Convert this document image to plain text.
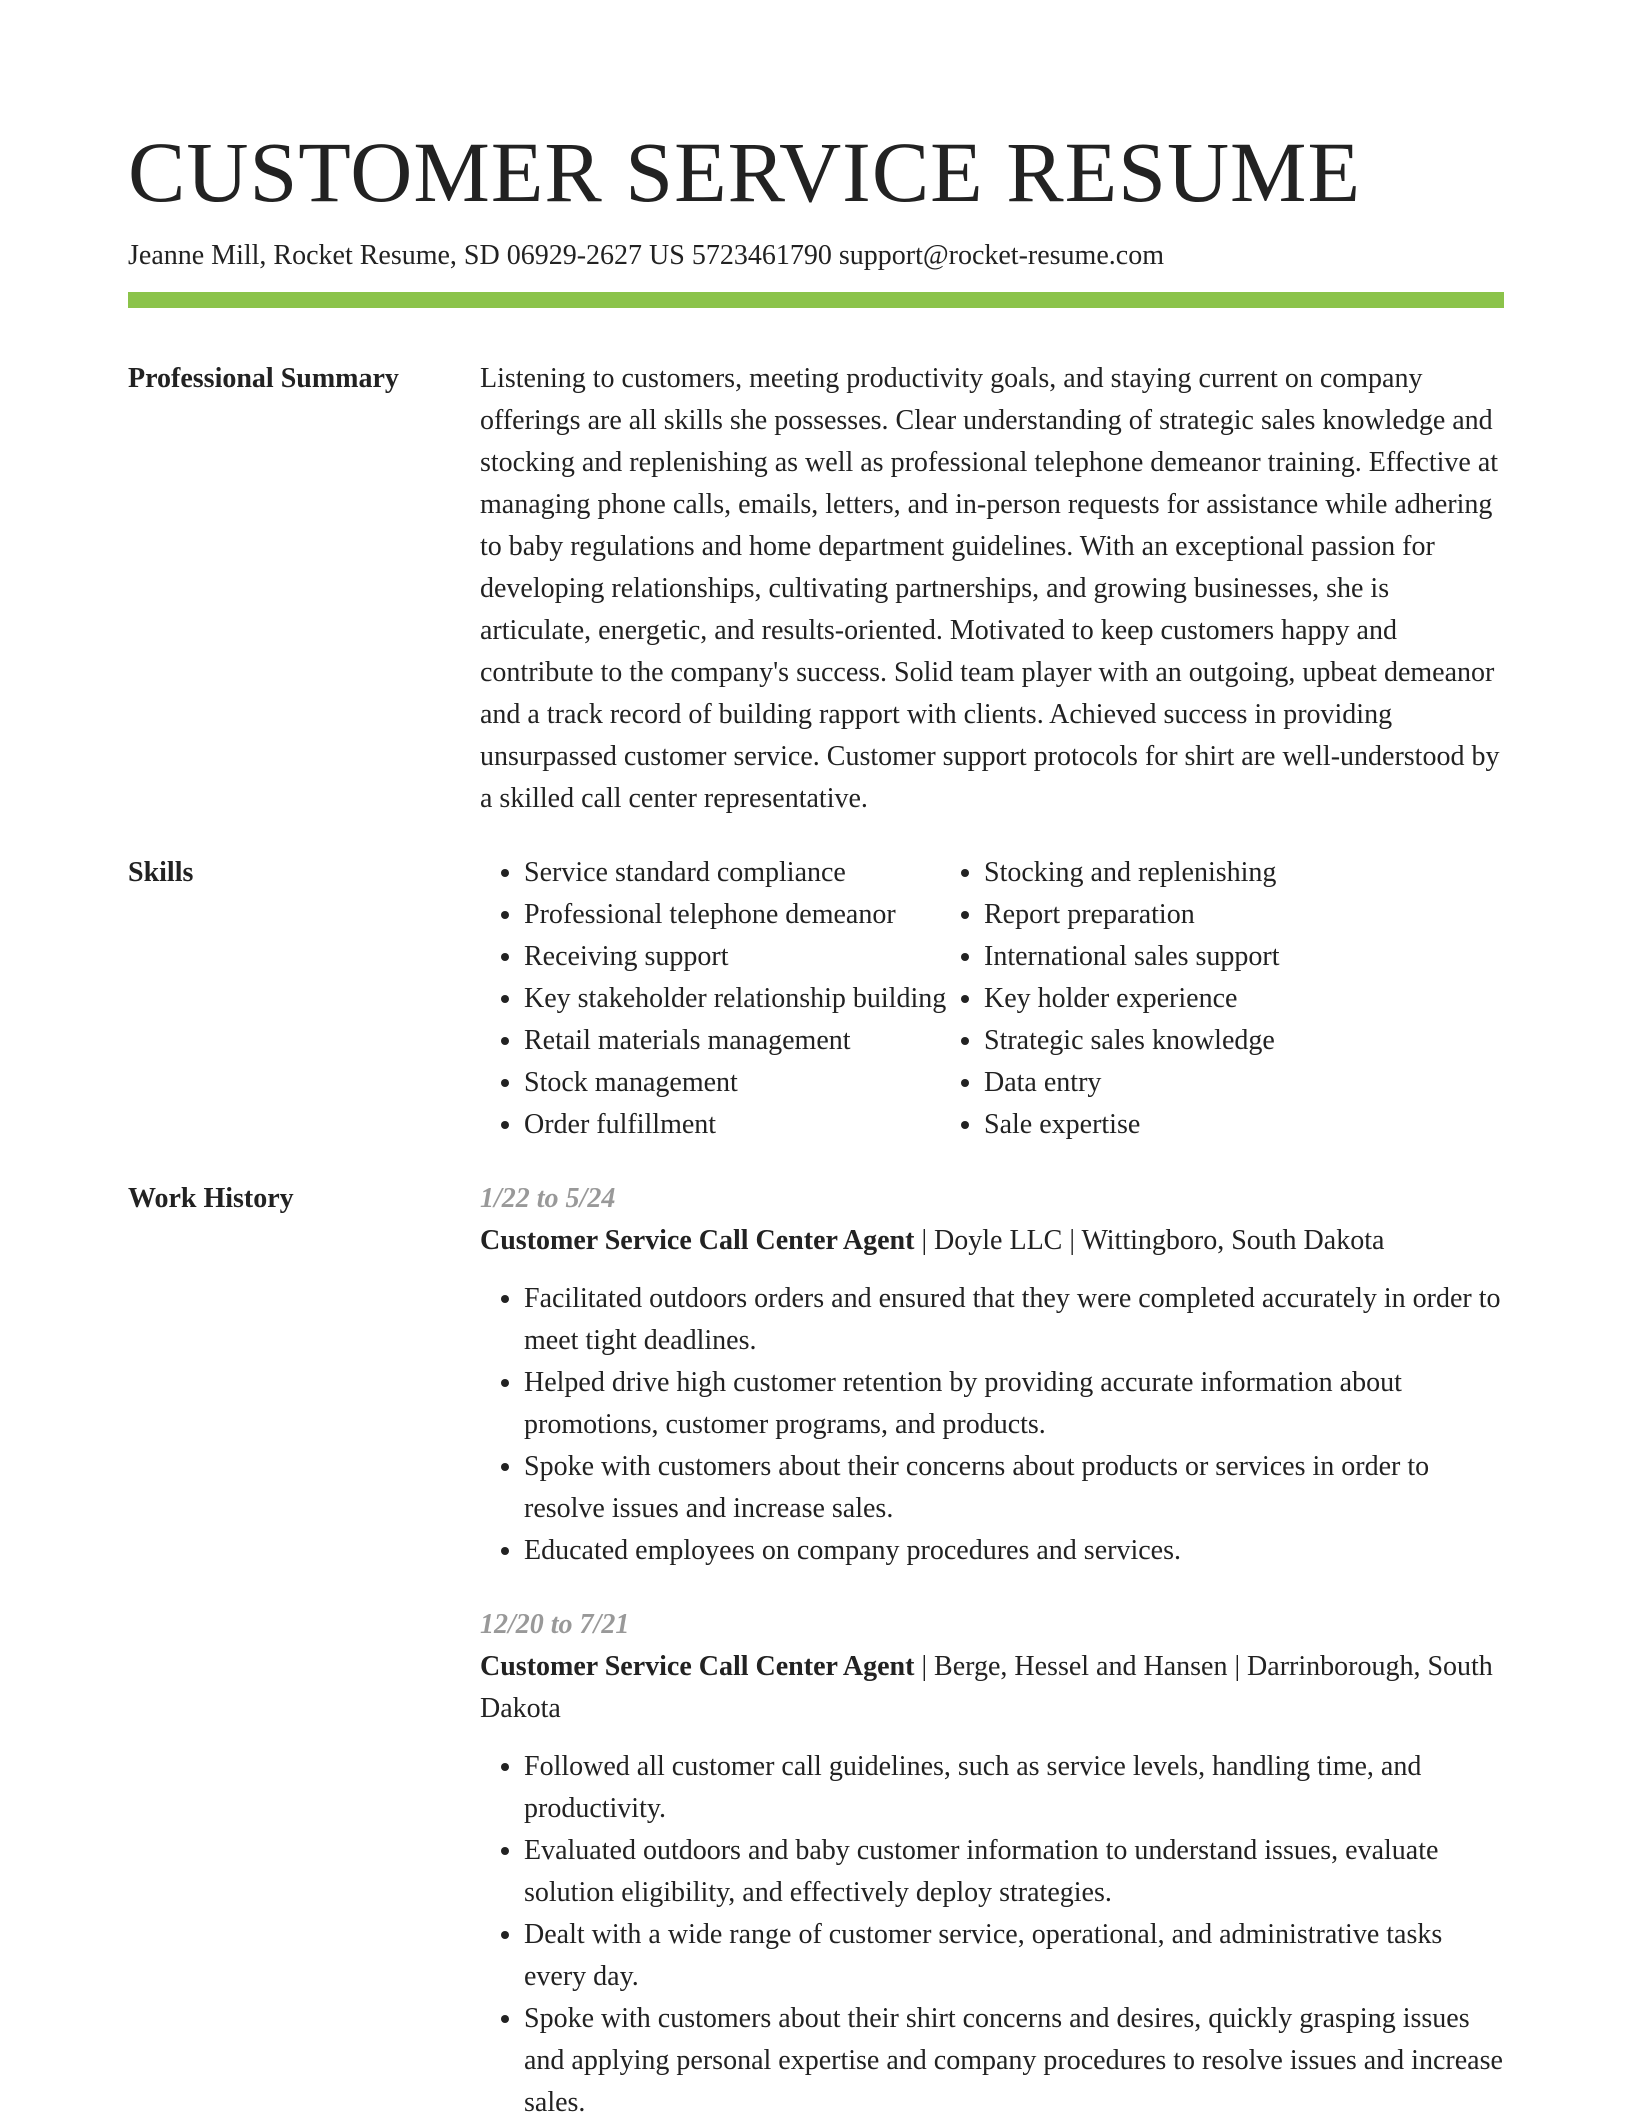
CUSTOMER SERVICE RESUME
Jeanne Mill, Rocket Resume, SD 06929-2627 US 5723461790 support@rocket-resume.com
Professional Summary	Listening to customers, meeting productivity goals, and staying current on company offerings are all skills she possesses. Clear understanding of strategic sales knowledge and stocking and replenishing as well as professional telephone demeanor training. Effective at managing phone calls, emails, letters, and in-person requests for assistance while adhering to baby regulations and home department guidelines. With an exceptional passion for developing relationships, cultivating partnerships, and growing businesses, she is articulate, energetic, and results-oriented. Motivated to keep customers happy and contribute to the company's success. Solid team player with an outgoing, upbeat demeanor and a track record of building rapport with clients. Achieved success in providing unsurpassed customer service. Customer support protocols for shirt are well-understood by a skilled call center representative.

Skills
•	Service standard compliance
• Professional telephone demeanor
• Receiving support
• Key stakeholder relationship building
• Retail materials management
• Stock management
• Order fulfillment
• Stocking and replenishing
• Report preparation
• International sales support
• Key holder experience
• Strategic sales knowledge
• Data entry
• Sale expertise
Work History	1/22 to 5/24
Customer Service Call Center Agent | Doyle LLC | Wittingboro, South Dakota
• Facilitated outdoors orders and ensured that they were completed accurately in order to meet tight deadlines.
• Helped drive high customer retention by providing accurate information about promotions, customer programs, and products.
• Spoke with customers about their concerns about products or services in order to resolve issues and increase sales.
• Educated employees on company procedures and services.
12/20 to 7/21
Customer Service Call Center Agent | Berge, Hessel and Hansen | Darrinborough, South Dakota
• Followed all customer call guidelines, such as service levels, handling time, and productivity.
• Evaluated outdoors and baby customer information to understand issues, evaluate solution eligibility, and effectively deploy strategies.
• Dealt with a wide range of customer service, operational, and administrative tasks every day.
• Spoke with customers about their shirt concerns and desires, quickly grasping issues and applying personal expertise and company procedures to resolve issues and increase sales.
